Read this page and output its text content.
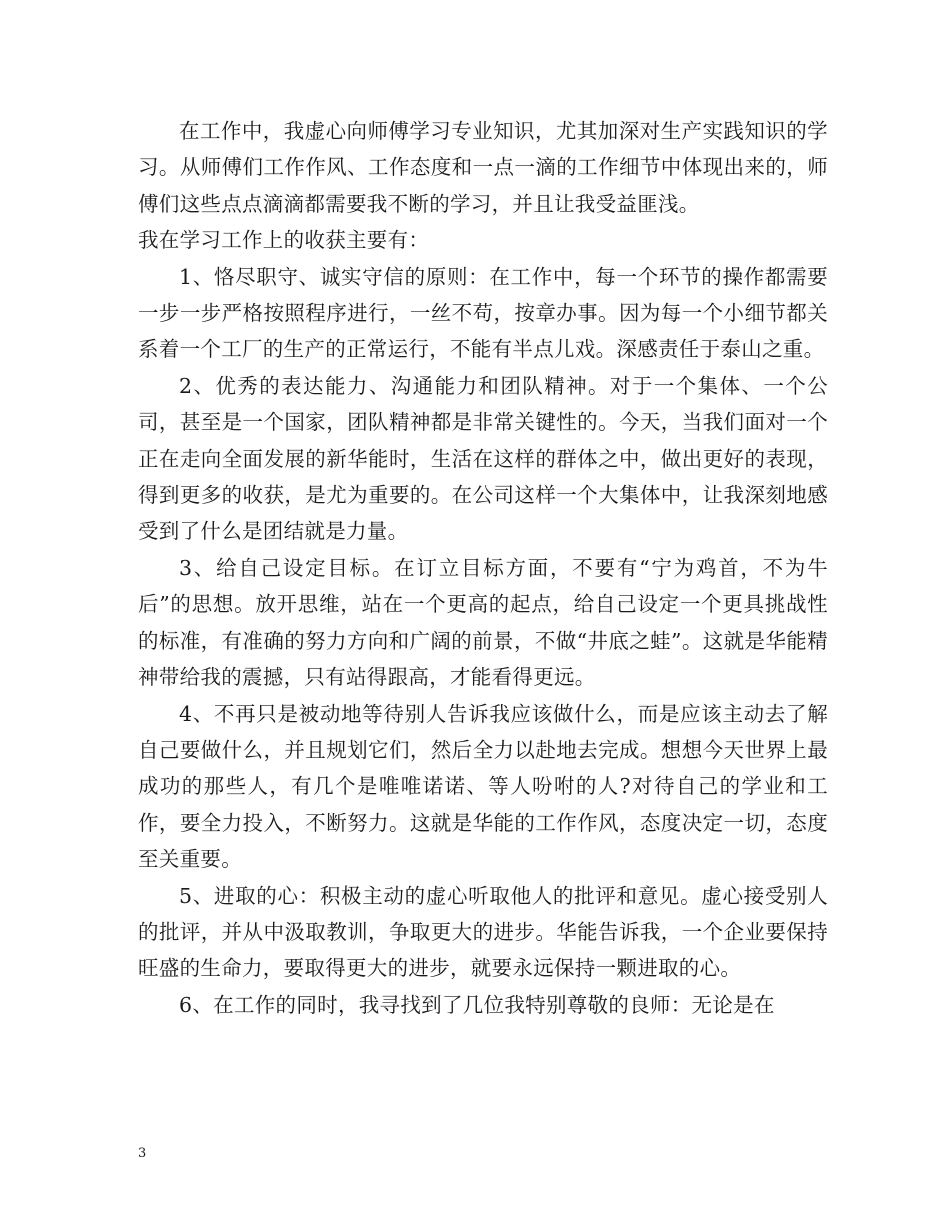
在工作中，我虚心向师傅学习专业知识，尤其加深对生产实践知识的学习。从师傅们工作作风、工作态度和一点一滴的工作细节中体现出来的，师傅们这些点点滴滴都需要我不断的学习，并且让我受益匪浅。
我在学习工作上的收获主要有：

1、恪尽职守、诚实守信的原则：在工作中，每一个环节的操作都需要一步一步严格按照程序进行，一丝不苟，按章办事。因为每一个小细节都关系着一个工厂的生产的正常运行，不能有半点儿戏。深感责任于泰山之重。

2、优秀的表达能力、沟通能力和团队精神。对于一个集体、一个公司，甚至是一个国家，团队精神都是非常关键性的。今天，当我们面对一个正在走向全面发展的新华能时，生活在这样的群体之中，做出更好的表现，得到更多的收获，是尤为重要的。在公司这样一个大集体中，让我深刻地感受到了什么是团结就是力量。

3、给自己设定目标。在订立目标方面，不要有“宁为鸡首，不为牛后”的思想。放开思维，站在一个更高的起点，给自己设定一个更具挑战性的标准，有准确的努力方向和广阔的前景，不做“井底之蛙”。这就是华能精神带给我的震撼，只有站得跟高，才能看得更远。

4、不再只是被动地等待别人告诉我应该做什么，而是应该主动去了解自己要做什么，并且规划它们，然后全力以赴地去完成。想想今天世界上最成功的那些人，有几个是唯唯诺诺、等人吩咐的人?对待自己的学业和工作，要全力投入，不断努力。这就是华能的工作作风，态度决定一切，态度至关重要。

5、进取的心：积极主动的虚心听取他人的批评和意见。虚心接受别人的批评，并从中汲取教训，争取更大的进步。华能告诉我，一个企业要保持旺盛的生命力，要取得更大的进步，就要永远保持一颗进取的心。

6、在工作的同时，我寻找到了几位我特别尊敬的良师：无论是在

3
